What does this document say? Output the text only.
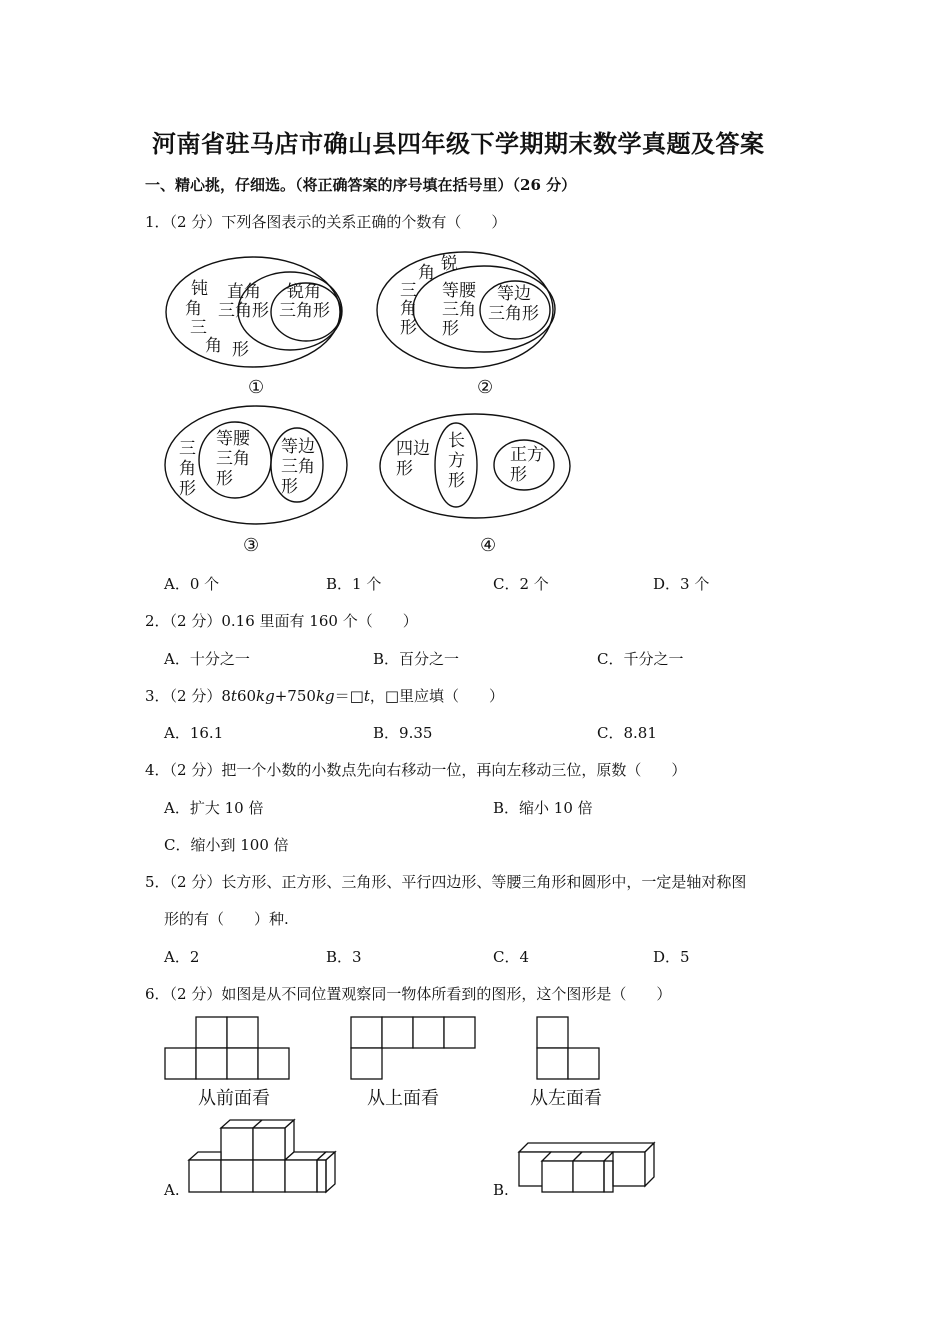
河南省驻马店市确山县四年级下学期期末数学真题及答案
一、精心挑，仔细选。（将正确答案的序号填在括号里）（26 分）
1．（2 分）下列各图表示的关系正确的个数有（　　）
钝
角
三
角 形
直角
三角形
锐角
三角形
①
锐
角
三
角
形
等腰
三角
形
等边
三角形
②
三
角
形
等腰
三角
形
等边
三角
形
③
四边
形
长
方
形
正方
形
④
A．0 个	B．1 个	C．2 个	D．3 个
2．（2 分）0.16 里面有 160 个（　　）
A．十分之一	B．百分之一	C．千分之一
3．（2 分）8t60kg+750kg＝□t，□里应填（　　）
A．16.1	B．9.35	C．8.81
4．（2 分）把一个小数的小数点先向右移动一位，再向左移动三位，原数（　　）
A．扩大 10 倍	B．缩小 10 倍
C．缩小到 100 倍
5．（2 分）长方形、正方形、三角形、平行四边形、等腰三角形和圆形中，一定是轴对称图
形的有（　　）种.
A．2	B．3	C．4	D．5
6．（2 分）如图是从不同位置观察同一物体所看到的图形，这个图形是（　　）
从前面看	从上面看	从左面看
A.	B.
